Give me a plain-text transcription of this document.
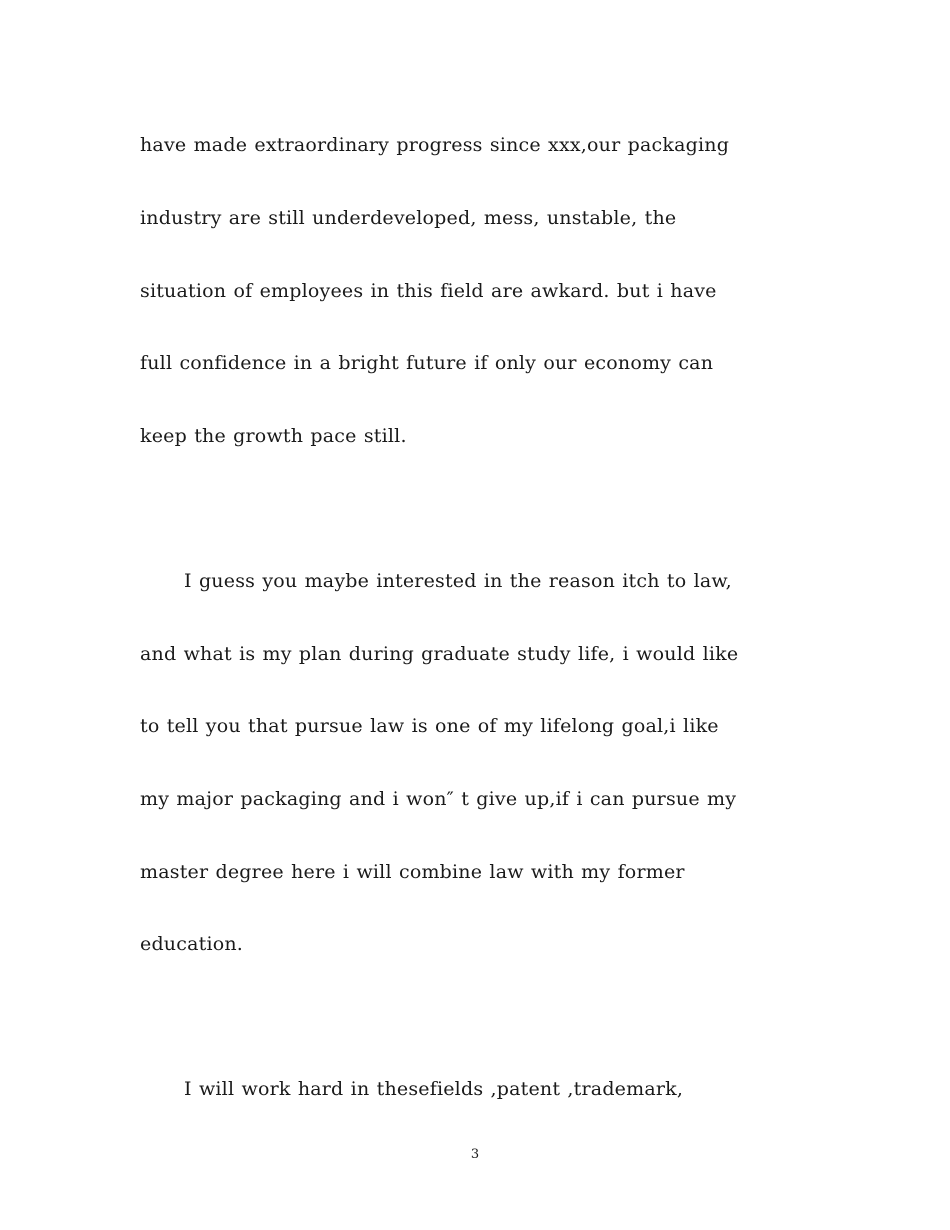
have made extraordinary progress since xxx,our packaging

industry are still underdeveloped, mess, unstable, the

situation of employees in this field are awkard. but i have

full confidence in a bright future if only our economy can

keep the growth pace still.

I guess you maybe interested in the reason itch to law,

and what is my plan during graduate study life, i would like

to tell you that pursue law is one of my lifelong goal,i like

my major packaging and i won″ t give up,if i can pursue my

master degree here i will combine law with my former

education.

I will work hard in thesefields ,patent ,trademark,

3
